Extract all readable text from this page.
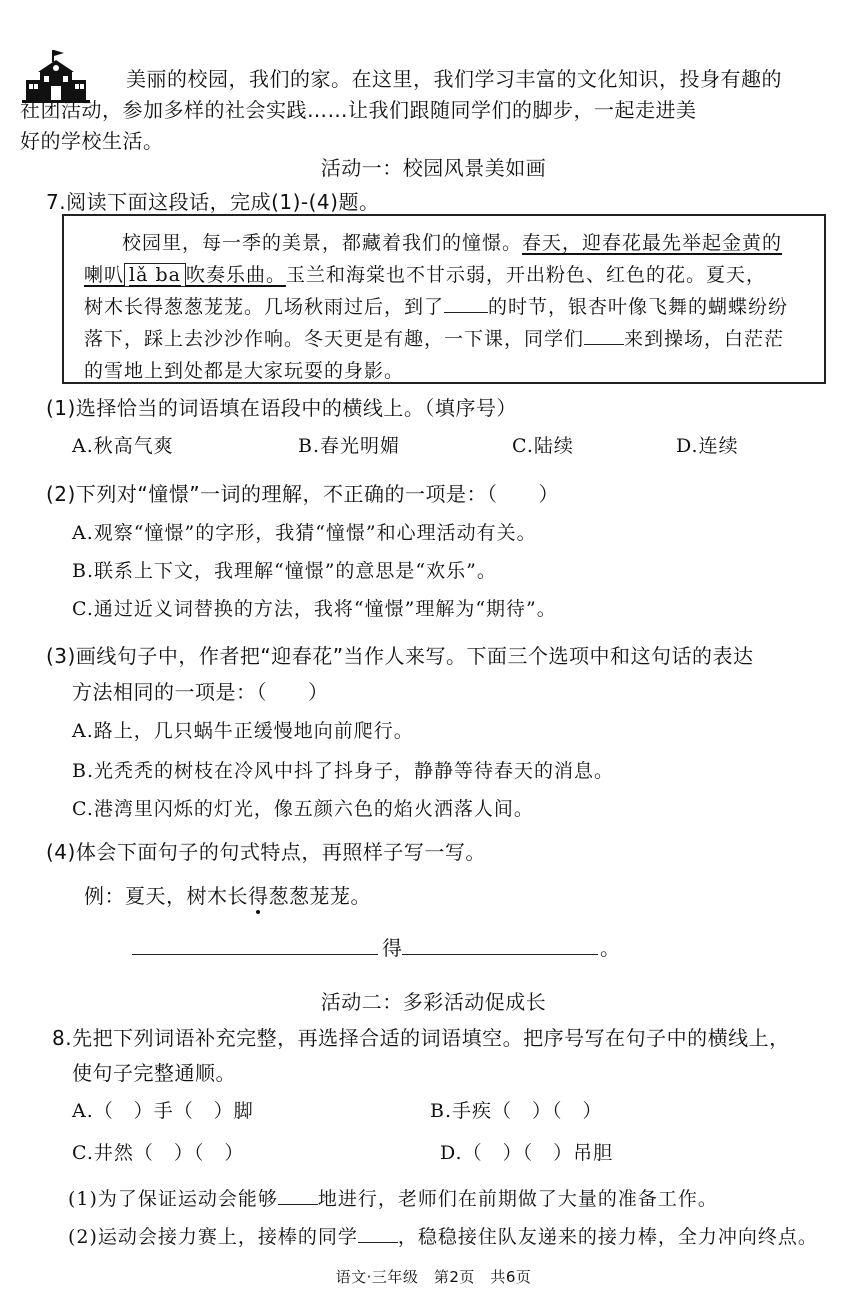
美丽的校园，我们的家。在这里，我们学习丰富的文化知识，投身有趣的
社团活动，参加多样的社会实践……让我们跟随同学们的脚步，一起走进美
好的学校生活。
活动一：校园风景美如画
7.阅读下面这段话，完成(1)-(4)题。
校园里，每一季的美景，都藏着我们的憧憬。春天，迎春花最先举起金黄的
喇叭 lǎ ba 吹奏乐曲。玉兰和海棠也不甘示弱，开出粉色、红色的花。夏天，
树木长得葱葱茏茏。几场秋雨过后，到了 的时节，银杏叶像飞舞的蝴蝶纷纷
落下，踩上去沙沙作响。冬天更是有趣，一下课，同学们 来到操场，白茫茫
的雪地上到处都是大家玩耍的身影。
(1)选择恰当的词语填在语段中的横线上。（填序号）
A.秋高气爽	B.春光明媚	C.陆续	D.连续
(2)下列对“憧憬”一词的理解，不正确的一项是：（　　）
A.观察“憧憬”的字形，我猜“憧憬”和心理活动有关。
B.联系上下文，我理解“憧憬”的意思是“欢乐”。
C.通过近义词替换的方法，我将“憧憬”理解为“期待”。
(3)画线句子中，作者把“迎春花”当作人来写。下面三个选项中和这句话的表达
方法相同的一项是：（　　）
A.路上，几只蜗牛正缓慢地向前爬行。
B.光秃秃的树枝在冷风中抖了抖身子，静静等待春天的消息。
C.港湾里闪烁的灯光，像五颜六色的焰火洒落人间。
(4)体会下面句子的句式特点，再照样子写一写。
例：夏天，树木长得葱葱茏茏。
得	。
活动二：多彩活动促成长
8.先把下列词语补充完整，再选择合适的词语填空。把序号写在句子中的横线上，
使句子完整通顺。
A.（　）手（　）脚	B.手疾（　）（　）
C.井然（　）（　）	D.（　）（　）吊胆
(1)为了保证运动会能够 地进行，老师们在前期做了大量的准备工作。
(2)运动会接力赛上，接棒的同学 ，稳稳接住队友递来的接力棒，全力冲向终点。
语文·三年级　第2页　共6页
